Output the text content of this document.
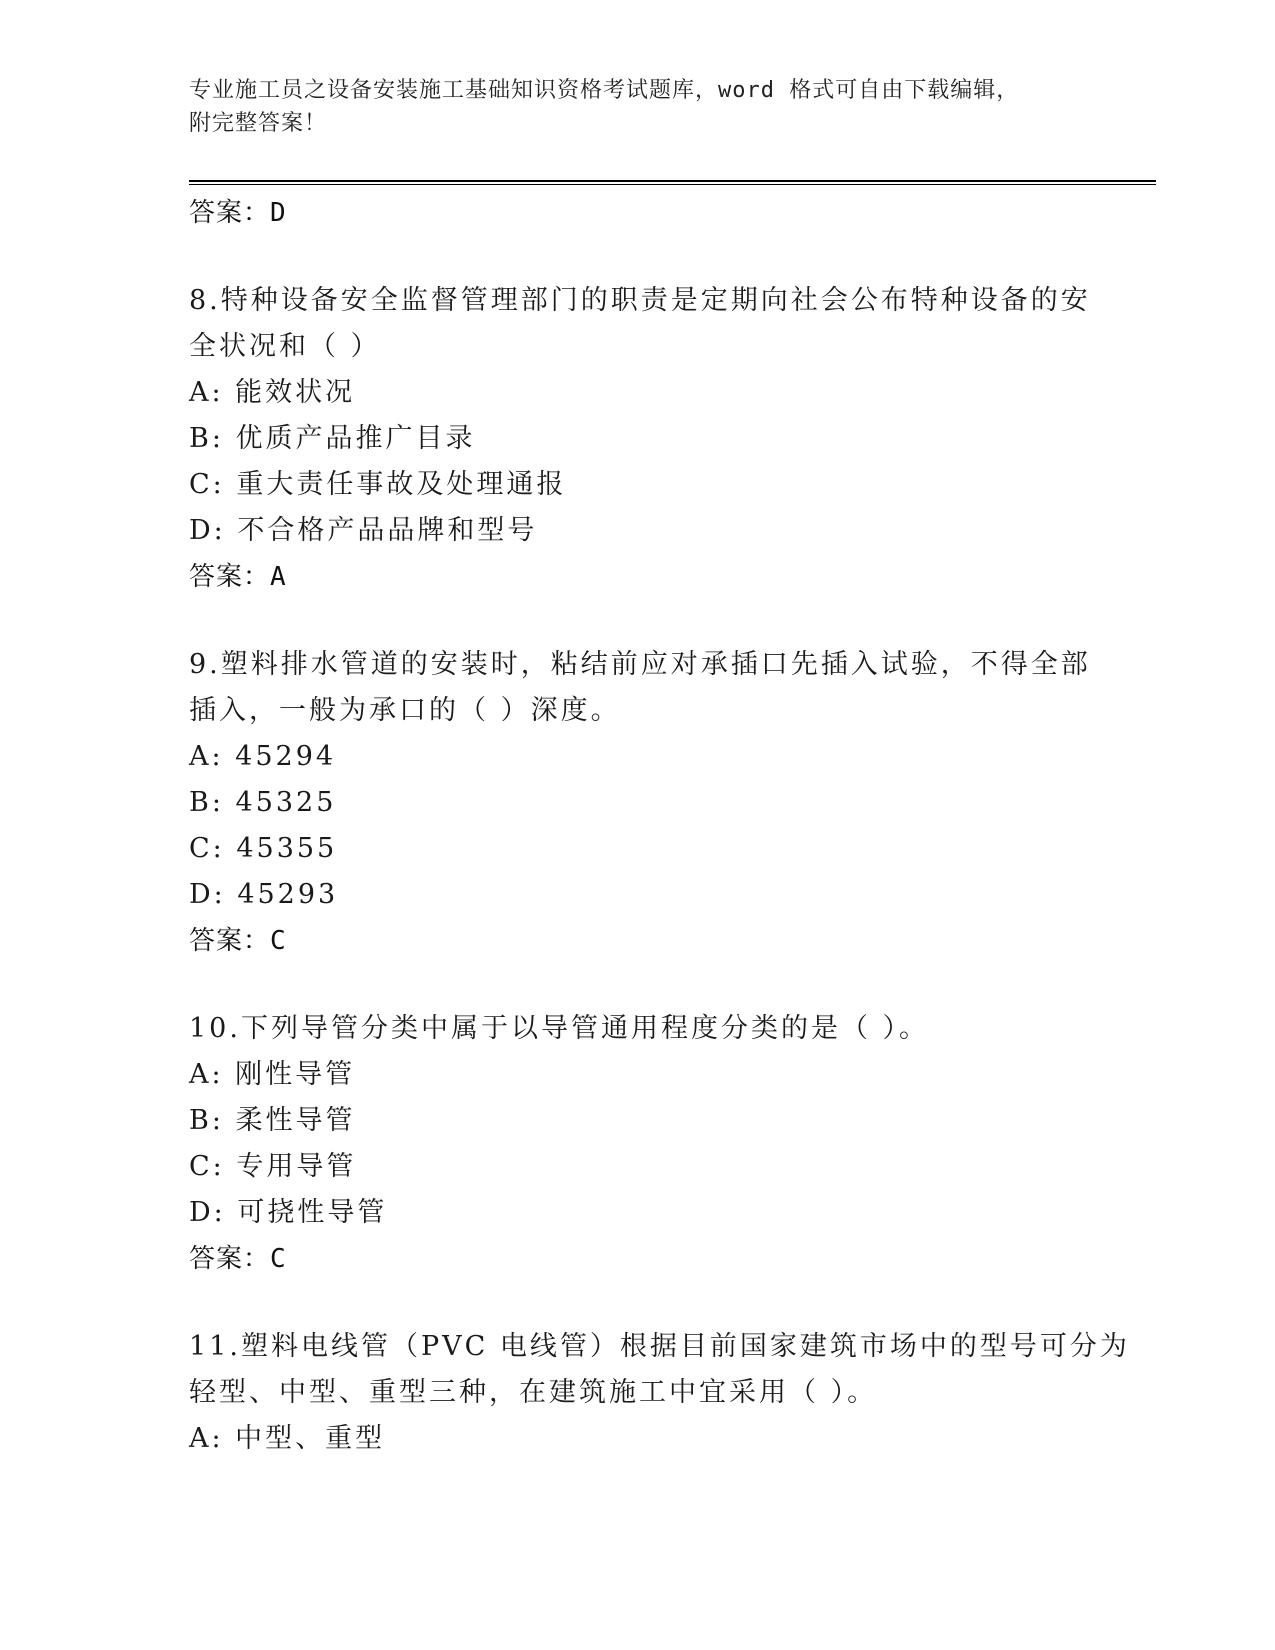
专业施工员之设备安装施工基础知识资格考试题库，word 格式可自由下载编辑，
附完整答案！
答案：D
8.特种设备安全监督管理部门的职责是定期向社会公布特种设备的安
全状况和（ ）
A: 能效状况
B: 优质产品推广目录
C: 重大责任事故及处理通报
D: 不合格产品品牌和型号
答案：A
9.塑料排水管道的安装时，粘结前应对承插口先插入试验，不得全部
插入，一般为承口的（ ）深度。
A: 45294
B: 45325
C: 45355
D: 45293
答案：C
10.下列导管分类中属于以导管通用程度分类的是（ ）。
A: 刚性导管
B: 柔性导管
C: 专用导管
D: 可挠性导管
答案：C
11.塑料电线管（PVC 电线管）根据目前国家建筑市场中的型号可分为
轻型、中型、重型三种，在建筑施工中宜采用（ ）。
A: 中型、重型
